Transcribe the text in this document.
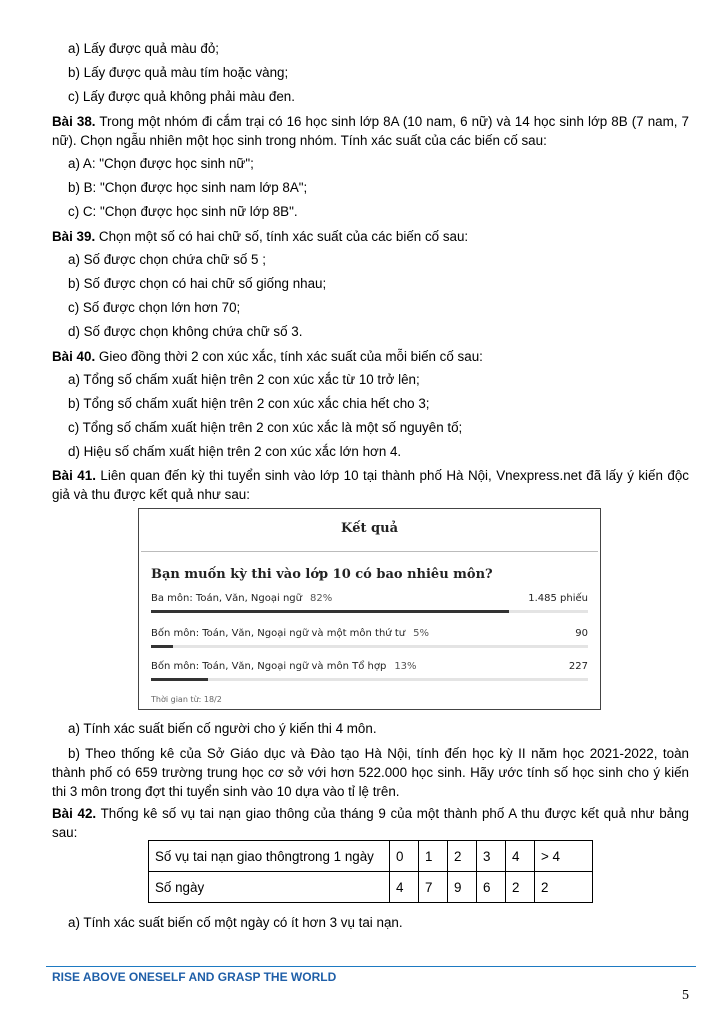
a) Lấy được quả màu đỏ;
b) Lấy được quả màu tím hoặc vàng;
c) Lấy được quả không phải màu đen.
Bài 38. Trong một nhóm đi cắm trại có 16 học sinh lớp 8A (10 nam, 6 nữ) và 14 học sinh lớp 8B (7 nam, 7 nữ). Chọn ngẫu nhiên một học sinh trong nhóm. Tính xác suất của các biến cố sau:
a) A: "Chọn được học sinh nữ";
b) B: "Chọn được học sinh nam lớp 8A";
c) C: "Chọn được học sinh nữ lớp 8B".
Bài 39. Chọn một số có hai chữ số, tính xác suất của các biến cố sau:
a) Số được chọn chứa chữ số 5 ;
b) Số được chọn có hai chữ số giống nhau;
c) Số được chọn lớn hơn 70;
d) Số được chọn không chứa chữ số 3.
Bài 40. Gieo đồng thời 2 con xúc xắc, tính xác suất của mỗi biến cố sau:
a) Tổng số chấm xuất hiện trên 2 con xúc xắc từ 10 trở lên;
b) Tổng số chấm xuất hiện trên 2 con xúc xắc chia hết cho 3;
c) Tổng số chấm xuất hiện trên 2 con xúc xắc là một số nguyên tố;
d) Hiệu số chấm xuất hiện trên 2 con xúc xắc lớn hơn 4.
Bài 41. Liên quan đến kỳ thi tuyển sinh vào lớp 10 tại thành phố Hà Nội, Vnexpress.net đã lấy ý kiến độc giả và thu được kết quả như sau:
Kết quả
Bạn muốn kỳ thi vào lớp 10 có bao nhiêu môn?
Ba môn: Toán, Văn, Ngoại ngữ 82%	1.485 phiếu
Bốn môn: Toán, Văn, Ngoại ngữ và một môn thứ tư 5%	90
Bốn môn: Toán, Văn, Ngoại ngữ và môn Tổ hợp 13%	227
Thời gian từ: 18/2
a) Tính xác suất biến cố người cho ý kiến thi 4 môn.
b) Theo thống kê của Sở Giáo dục và Đào tạo Hà Nội, tính đến học kỳ II năm học 2021-2022, toàn thành phố có 659 trường trung học cơ sở với hơn 522.000 học sinh. Hãy ước tính số học sinh cho ý kiến thi 3 môn trong đợt thi tuyển sinh vào 10 dựa vào tỉ lệ trên.
Bài 42. Thống kê số vụ tai nạn giao thông của tháng 9 của một thành phố A thu được kết quả như bảng sau:
Số vụ tai nạn giao thôngtrong 1 ngày	0	1	2	3	4	> 4
Số ngày	4	7	9	6	2	2
a) Tính xác suất biến cố một ngày có ít hơn 3 vụ tai nạn.
RISE ABOVE ONESELF AND GRASP THE WORLD
5
